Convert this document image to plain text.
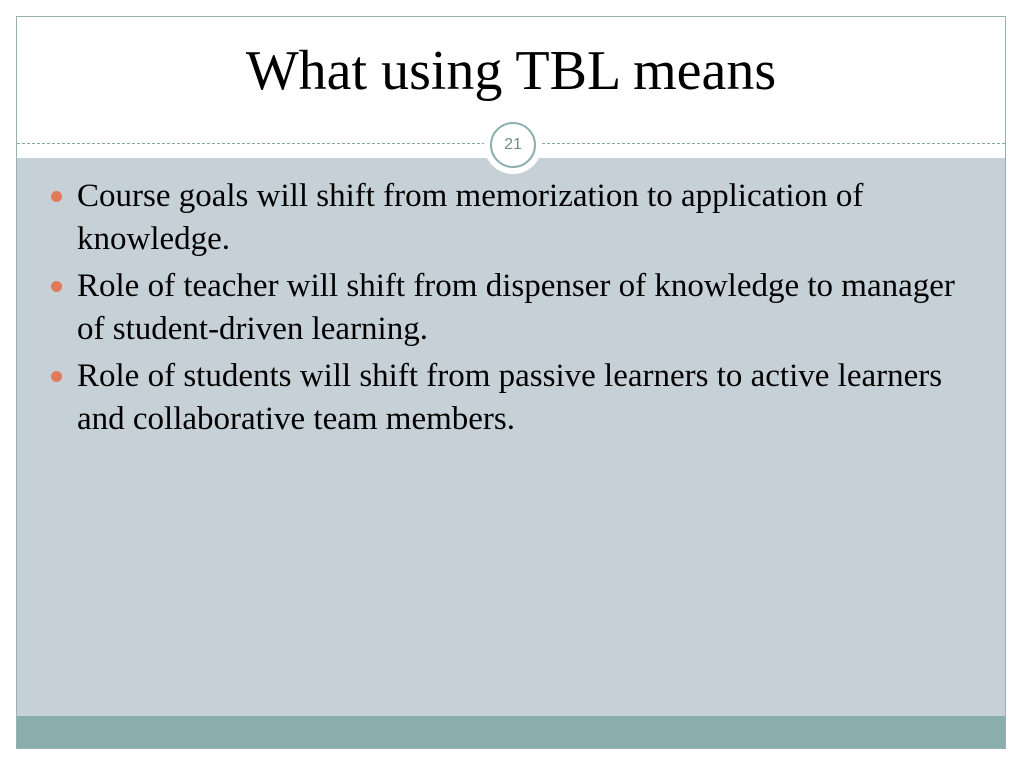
What using TBL means
21
Course goals will shift from memorization to application of knowledge.
Role of teacher will shift from dispenser of knowledge to manager of student-driven learning.
Role of students will shift from passive learners to active learners and collaborative team members.
